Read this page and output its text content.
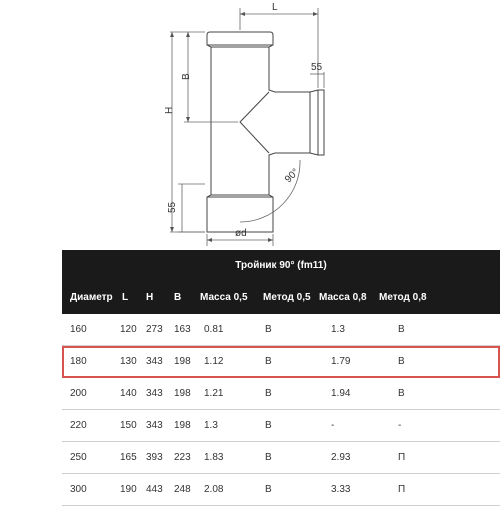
L
55
B
H
55
90°
ød
Тройник 90° (fm11)
Диаметр L H B Масса 0,5 Метод 0,5 Масса 0,8 Метод 0,8
160	120 273 163 0.81	B	1.3	B
180	130 343 198 1.12	B	1.79	B
200	140 343 198 1.21	B	1.94	B
220	150 343 198 1.3	B	-	-
250	165 393 223 1.83	B	2.93	П
300	190 443 248 2.08	B	3.33	П
